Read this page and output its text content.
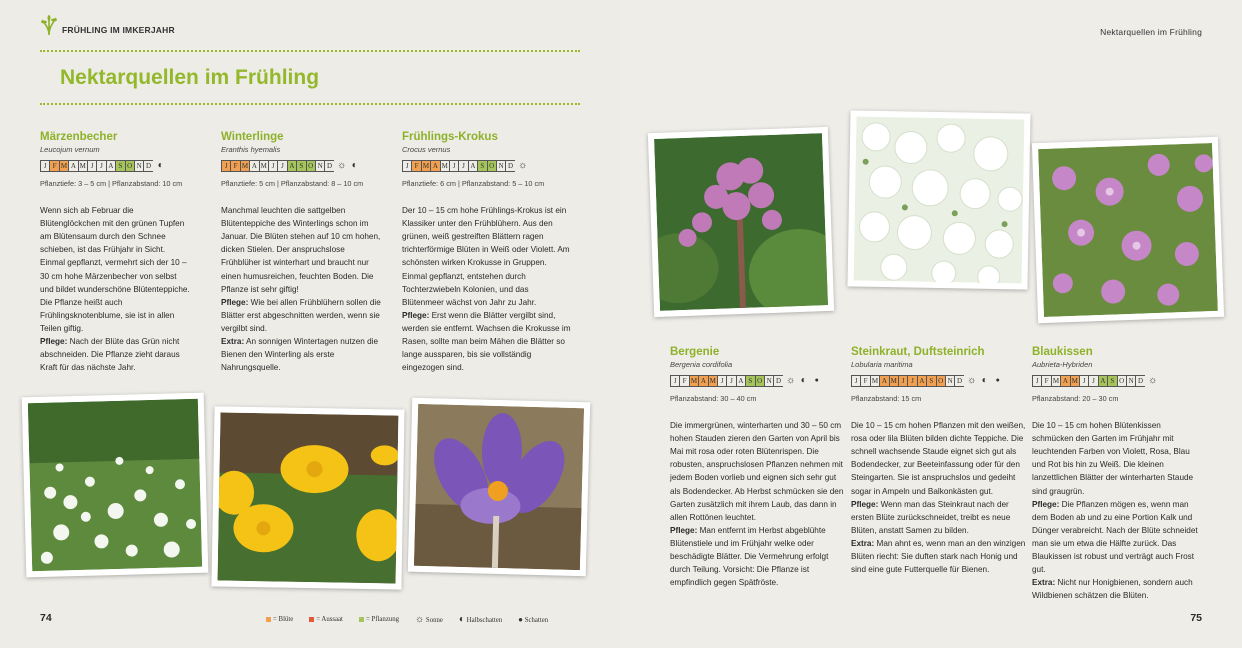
FRÜHLING IM IMKERJAHR
Nektarquellen im Frühling
Märzenbecher
Leucojum vernum
J F M A M J J A S O N D ◐
Pflanztiefe: 3 – 5 cm | Pflanzabstand: 10 cm

Wenn sich ab Februar die Blütenglöckchen mit den grünen Tupfen am Blütensaum durch den Schnee schieben, ist das Frühjahr in Sicht. Einmal gepflanzt, vermehrt sich der 10 – 30 cm hohe Märzenbecher von selbst und bildet wunderschöne Blütenteppiche. Die Pflanze heißt auch Frühlingsknotenblume, sie ist in allen Teilen giftig.

Pflege: Nach der Blüte das Grün nicht abschneiden. Die Pflanze zieht daraus Kraft für das nächste Jahr.

Winterlinge
Eranthis hyemalis
J F M A M J J A S O N D ☼ ◐
Pflanztiefe: 5 cm | Pflanzabstand: 8 – 10 cm

Manchmal leuchten die sattgelben Blütenteppiche des Winterlings schon im Januar. Die Blüten stehen auf 10 cm hohen, dicken Stielen. Der anspruchslose Frühblüher ist winterhart und braucht nur einen humusreichen, feuchten Boden. Die Pflanze ist sehr giftig!

Pflege: Wie bei allen Frühblühern sollen die Blätter erst abgeschnitten werden, wenn sie vergilbt sind.

Extra: An sonnigen Wintertagen nutzen die Bienen den Winterling als erste Nahrungsquelle.

Frühlings-Krokus
Crocus vernus
J F M A M J J A S O N D ☼
Pflanztiefe: 6 cm | Pflanzabstand: 5 – 10 cm

Der 10 – 15 cm hohe Frühlings-Krokus ist ein Klassiker unter den Frühblühern. Aus den grünen, weiß gestreiften Blättern ragen trichterförmige Blüten in Weiß oder Violett. Am schönsten wirken Krokusse in Gruppen. Einmal gepflanzt, entstehen durch Tochterzwiebeln Kolonien, und das Blütenmeer wächst von Jahr zu Jahr.

Pflege: Erst wenn die Blätter vergilbt sind, werden sie entfernt. Wachsen die Krokusse im Rasen, sollte man beim Mähen die Blätter so lange aussparen, bis sie vollständig eingezogen sind.

74	= Blüte	= Aussaat	= Pflanzung ☼ Sonne ◐ Halbschatten ● Schatten
Nektarquellen im Frühling
Bergenie
Bergenia cordifolia
J F M A M J J A S O N D ☼ ◐	●
Pflanzabstand: 30 – 40 cm

Die immergrünen, winterharten und 30 – 50 cm hohen Stauden zieren den Garten von April bis Mai mit rosa oder roten Blütenrispen. Die robusten, anspruchslosen Pflanzen nehmen mit jedem Boden vorlieb und eignen sich sehr gut als Bodendecker. Ab Herbst schmücken sie den Garten zusätzlich mit ihrem Laub, das dann in allen Rottönen leuchtet.

Pflege: Man entfernt im Herbst abgeblühte Blütenstiele und im Frühjahr welke oder beschädigte Blätter. Die Vermehrung erfolgt durch Teilung. Vorsicht: Die Pflanze ist empfindlich gegen Spätfröste.

Steinkraut, Duftsteinrich
Lobularia maritima
J F M A M J J A S O N D ☼ ◐	●
Pflanzabstand: 15 cm

Die 10 – 15 cm hohen Pflanzen mit den weißen, rosa oder lila Blüten bilden dichte Teppiche. Die schnell wachsende Staude eignet sich gut als Bodendecker, zur Beeteinfassung oder für den Steingarten. Sie ist anspruchslos und gedeiht sogar in Ampeln und Balkonkästen gut.

Pflege: Wenn man das Steinkraut nach der ersten Blüte zurückschneidet, treibt es neue Blüten, anstatt Samen zu bilden.

Extra: Man ahnt es, wenn man an den winzigen Blüten riecht: Sie duften stark nach Honig und sind eine gute Futterquelle für Bienen.

Blaukissen
Aubrieta-Hybriden
J F M A M J J A S O N D ☼
Pflanzabstand: 20 – 30 cm

Die 10 – 15 cm hohen Blütenkissen schmücken den Garten im Frühjahr mit leuchtenden Farben von Violett, Rosa, Blau und Rot bis hin zu Weiß. Die kleinen lanzettlichen Blätter der winterharten Staude sind graugrün.

Pflege: Die Pflanzen mögen es, wenn man dem Boden ab und zu eine Portion Kalk und Dünger verabreicht. Nach der Blüte schneidet man sie um etwa die Hälfte zurück. Das Blaukissen ist robust und verträgt auch Frost gut.

Extra: Nicht nur Honigbienen, sondern auch Wildbienen schätzen die Blüten.

75
